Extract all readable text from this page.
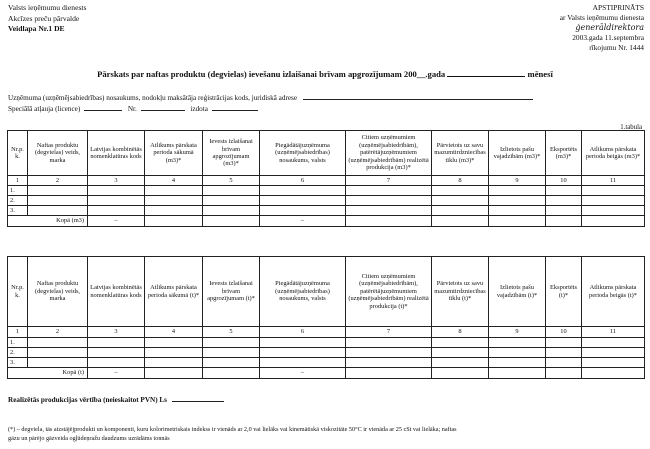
Valsts ieņēmumu dienests
Akcīzes preču pārvalde
Veidlapa Nr.1 DE
APSTIPRINĀTS
ar Valsts ieņēmumu dienesta
ģenerāldirektora
2003.gada 11.septembra
rīkojumu Nr. 1444
Pārskats par naftas produktu (degvielas) ievešanu izlaišanai brīvam apgrozījumam 200__.gada	mēnesī
Uzņēmuma (uzņēmējsabiedrības) nosaukums, nodokļu maksātāja reģistrācijas kods, juridiskā adrese
Speciālā atļauja (licence)	Nr.	izdota
1.tabula
Nr.p. k.	Naftas produktu (degvielas) veids, marka	Latvijas kombinētās nomenklatūras kods	Atlikums pārskata perioda sākumā (m3)*	Ievests izlaišanai brīvam apgrozījumam (m3)*	Piegādātājuzņēmuma (uzņēmējsabiedrības) nosaukums, valsts	Citiem uzņēmumiem (uzņēmējsabiedrībām), patērētājuzņēmumiem (uzņēmējsabiedrībām) realizētā produkcija (m3)*	Pārvietots uz savu mazumtirdzniecības tīklu (m3)*	Izlietots pašu vajadzībām (m3)*	Eksportēts (m3)*	Atlikums pārskata perioda beigās (m3)*
1	2	3	4	5	6	7	8	9	10	11
1.										
2.										
3.										
Kopā (m3)		–			–					
Nr.p. k.	Naftas produktu (degvielas) veids, marka	Latvijas kombinētās nomenklatūras kods	Atlikums pārskata perioda sākumā (t)*	Ievests izlaišanai brīvam apgrozījumam (t)*	Piegādātājuzņēmuma (uzņēmējsabiedrības) nosaukums, valsts	Citiem uzņēmumiem (uzņēmējsabiedrībām), patērētājuzņēmumiem (uzņēmējsabiedrībām) realizētā produkcija (t)*	Pārvietots uz savu mazumtirdzniecības tīklu (t)*	Izlietots pašu vajadzībām (t)*	Eksportēts (t)*	Atlikums pārskata perioda beigās (t)*
1	2	3	4	5	6	7	8	9	10	11
1.										
2.										
3.										
Kopā (t)		–			–					
Realizētās produkcijas vērtība (neieskaitot PVN) Ls
(*) – degviela, tās aizstājējprodukti un komponenti, kuru kolorimetriskais indekss ir vienāds ar 2,0 vai lielāks vai kinemātiskā viskozitāte 50°C ir vienāda ar 25 cSt vai lielāka; naftas
gāzu un pārējo gāzveida ogļūdeņražu daudzums uzrādāms tonnās
